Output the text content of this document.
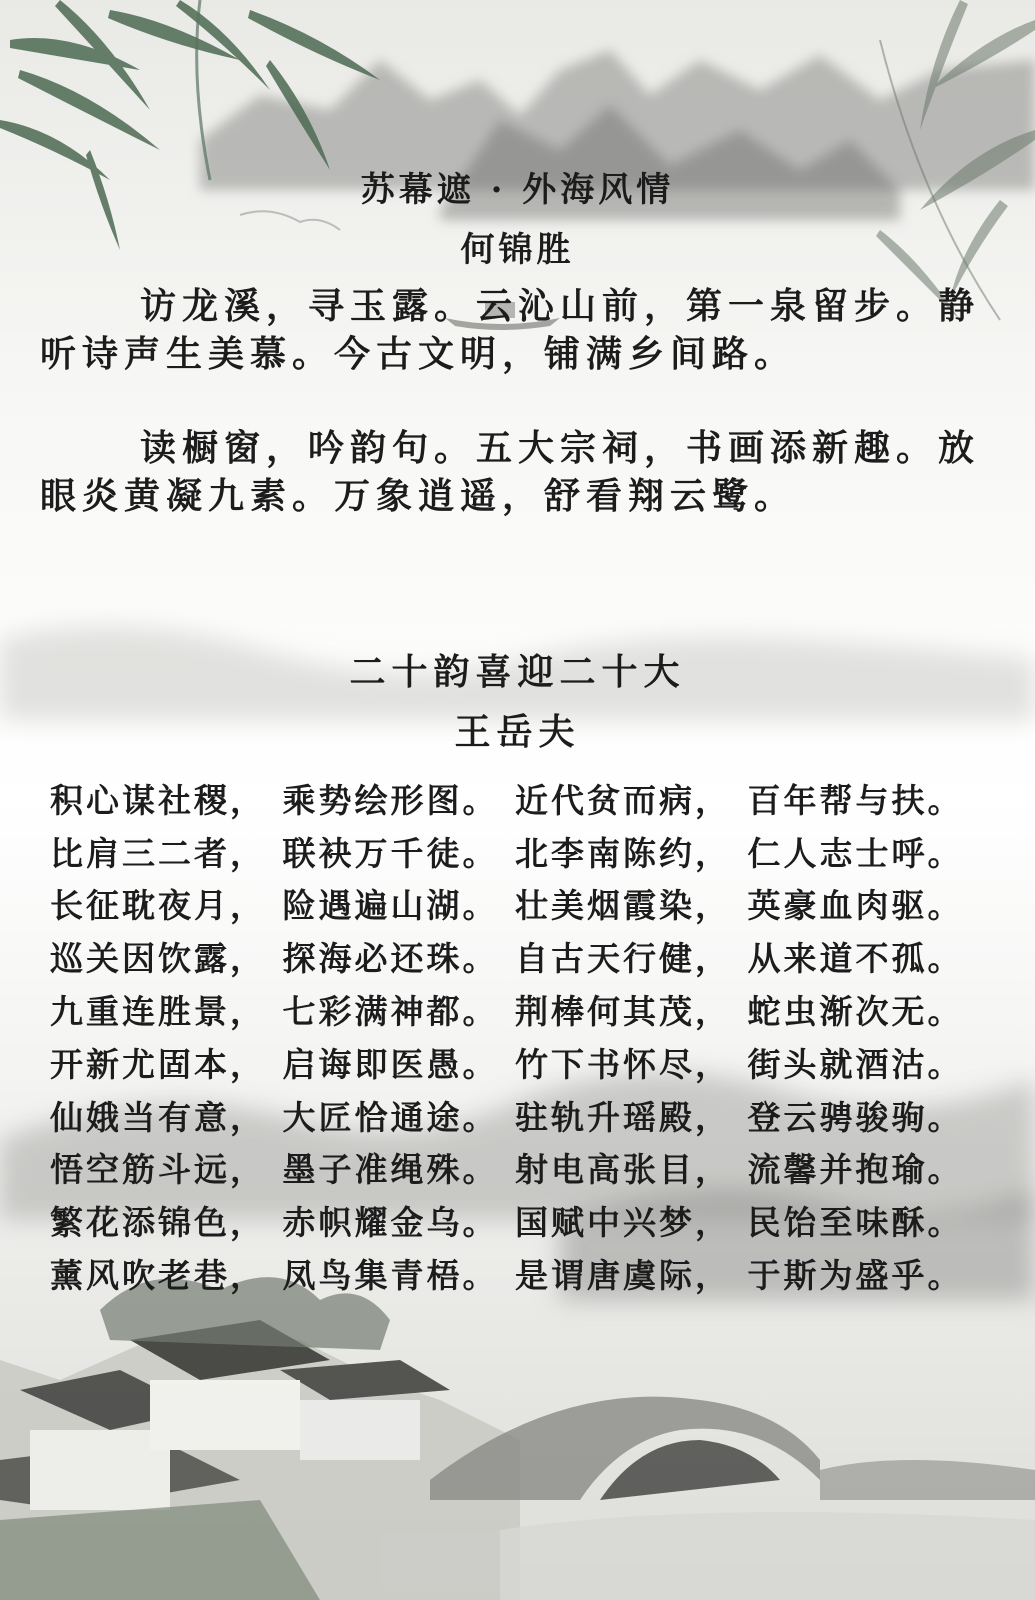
苏幕遮 · 外海风情
何锦胜

访龙溪，寻玉露。云沁山前，第一泉留步。静听诗声生美慕。今古文明，铺满乡间路。

读橱窗，吟韵句。五大宗祠，书画添新趣。放眼炎黄凝九素。万象逍遥，舒看翔云鹭。

二十韵喜迎二十大
王岳夫
积心谋社稷， 乘势绘形图。 近代贫而病， 百年帮与扶。
比肩三二者， 联袂万千徒。 北李南陈约， 仁人志士呼。
长征耽夜月， 险遇遍山湖。 壮美烟霞染， 英豪血肉驱。
巡关因饮露， 探海必还珠。 自古天行健， 从来道不孤。
九重连胜景， 七彩满神都。 荆棒何其茂， 蛇虫渐次无。
开新尤固本， 启诲即医愚。 竹下书怀尽， 街头就酒沽。
仙娥当有意， 大匠恰通途。 驻轨升瑶殿， 登云骋骏驹。
悟空筋斗远， 墨子准绳殊。 射电高张目， 流馨并抱瑜。
繁花添锦色， 赤帜耀金乌。 国赋中兴梦， 民饴至味酥。
薰风吹老巷， 凤鸟集青梧。 是谓唐虞际， 于斯为盛乎。
